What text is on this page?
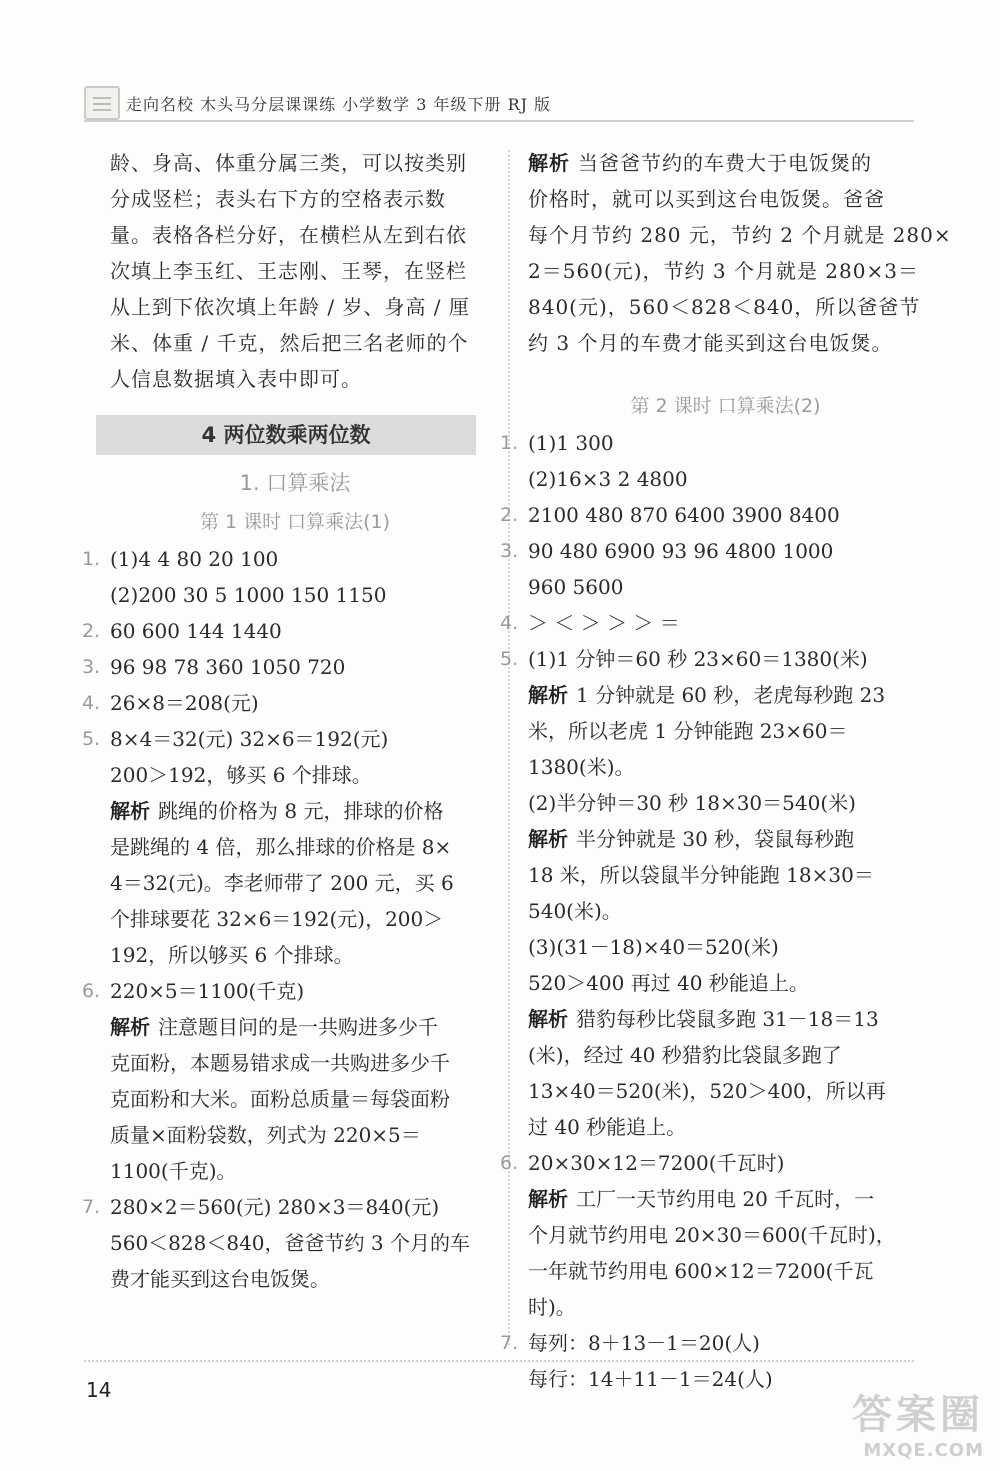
走向名校 木头马分层课课练 小学数学 3 年级下册 RJ 版
龄、身高、体重分属三类，可以按类别
分成竖栏；表头右下方的空格表示数
量。表格各栏分好，在横栏从左到右依
次填上李玉红、王志刚、王琴，在竖栏
从上到下依次填上年龄 / 岁、身高 / 厘
米、体重 / 千克，然后把三名老师的个
人信息数据填入表中即可。
4 两位数乘两位数
1. 口算乘法
第 1 课时 口算乘法(1)
1. (1)4 4 80 20 100
(2)200 30 5 1000 150 1150
2. 60 600 144 1440
3. 96 98 78 360 1050 720
4. 26×8＝208(元)
5. 8×4＝32(元) 32×6＝192(元)
200＞192，够买 6 个排球。
解析 跳绳的价格为 8 元，排球的价格
是跳绳的 4 倍，那么排球的价格是 8×
4＝32(元)。李老师带了 200 元，买 6
个排球要花 32×6＝192(元)，200＞
192，所以够买 6 个排球。
6. 220×5＝1100(千克)
解析 注意题目问的是一共购进多少千
克面粉，本题易错求成一共购进多少千
克面粉和大米。面粉总质量＝每袋面粉
质量×面粉袋数，列式为 220×5＝
1100(千克)。
7. 280×2＝560(元) 280×3＝840(元)
560＜828＜840，爸爸节约 3 个月的车
费才能买到这台电饭煲。
解析 当爸爸节约的车费大于电饭煲的
价格时，就可以买到这台电饭煲。爸爸
每个月节约 280 元，节约 2 个月就是 280×
2＝560(元)，节约 3 个月就是 280×3＝
840(元)，560＜828＜840，所以爸爸节
约 3 个月的车费才能买到这台电饭煲。
第 2 课时 口算乘法(2)
1. (1)1 300
(2)16×3 2 4800
2. 2100 480 870 6400 3900 8400
3. 90 480 6900 93 96 4800 1000
960 5600
4. ＞ ＜ ＞ ＞ ＞ ＝
5. (1)1 分钟＝60 秒 23×60＝1380(米)
解析 1 分钟就是 60 秒，老虎每秒跑 23
米，所以老虎 1 分钟能跑 23×60＝
1380(米)。
(2)半分钟＝30 秒 18×30＝540(米)
解析 半分钟就是 30 秒，袋鼠每秒跑
18 米，所以袋鼠半分钟能跑 18×30＝
540(米)。
(3)(31－18)×40＝520(米)
520＞400 再过 40 秒能追上。
解析 猎豹每秒比袋鼠多跑 31－18＝13
(米)，经过 40 秒猎豹比袋鼠多跑了
13×40＝520(米)，520＞400，所以再
过 40 秒能追上。
6. 20×30×12＝7200(千瓦时)
解析 工厂一天节约用电 20 千瓦时，一
个月就节约用电 20×30＝600(千瓦时)，
一年就节约用电 600×12＝7200(千瓦
时)。
7. 每列：8＋13－1＝20(人)
每行：14＋11－1＝24(人)
14
答案圈
MXQE.COM
